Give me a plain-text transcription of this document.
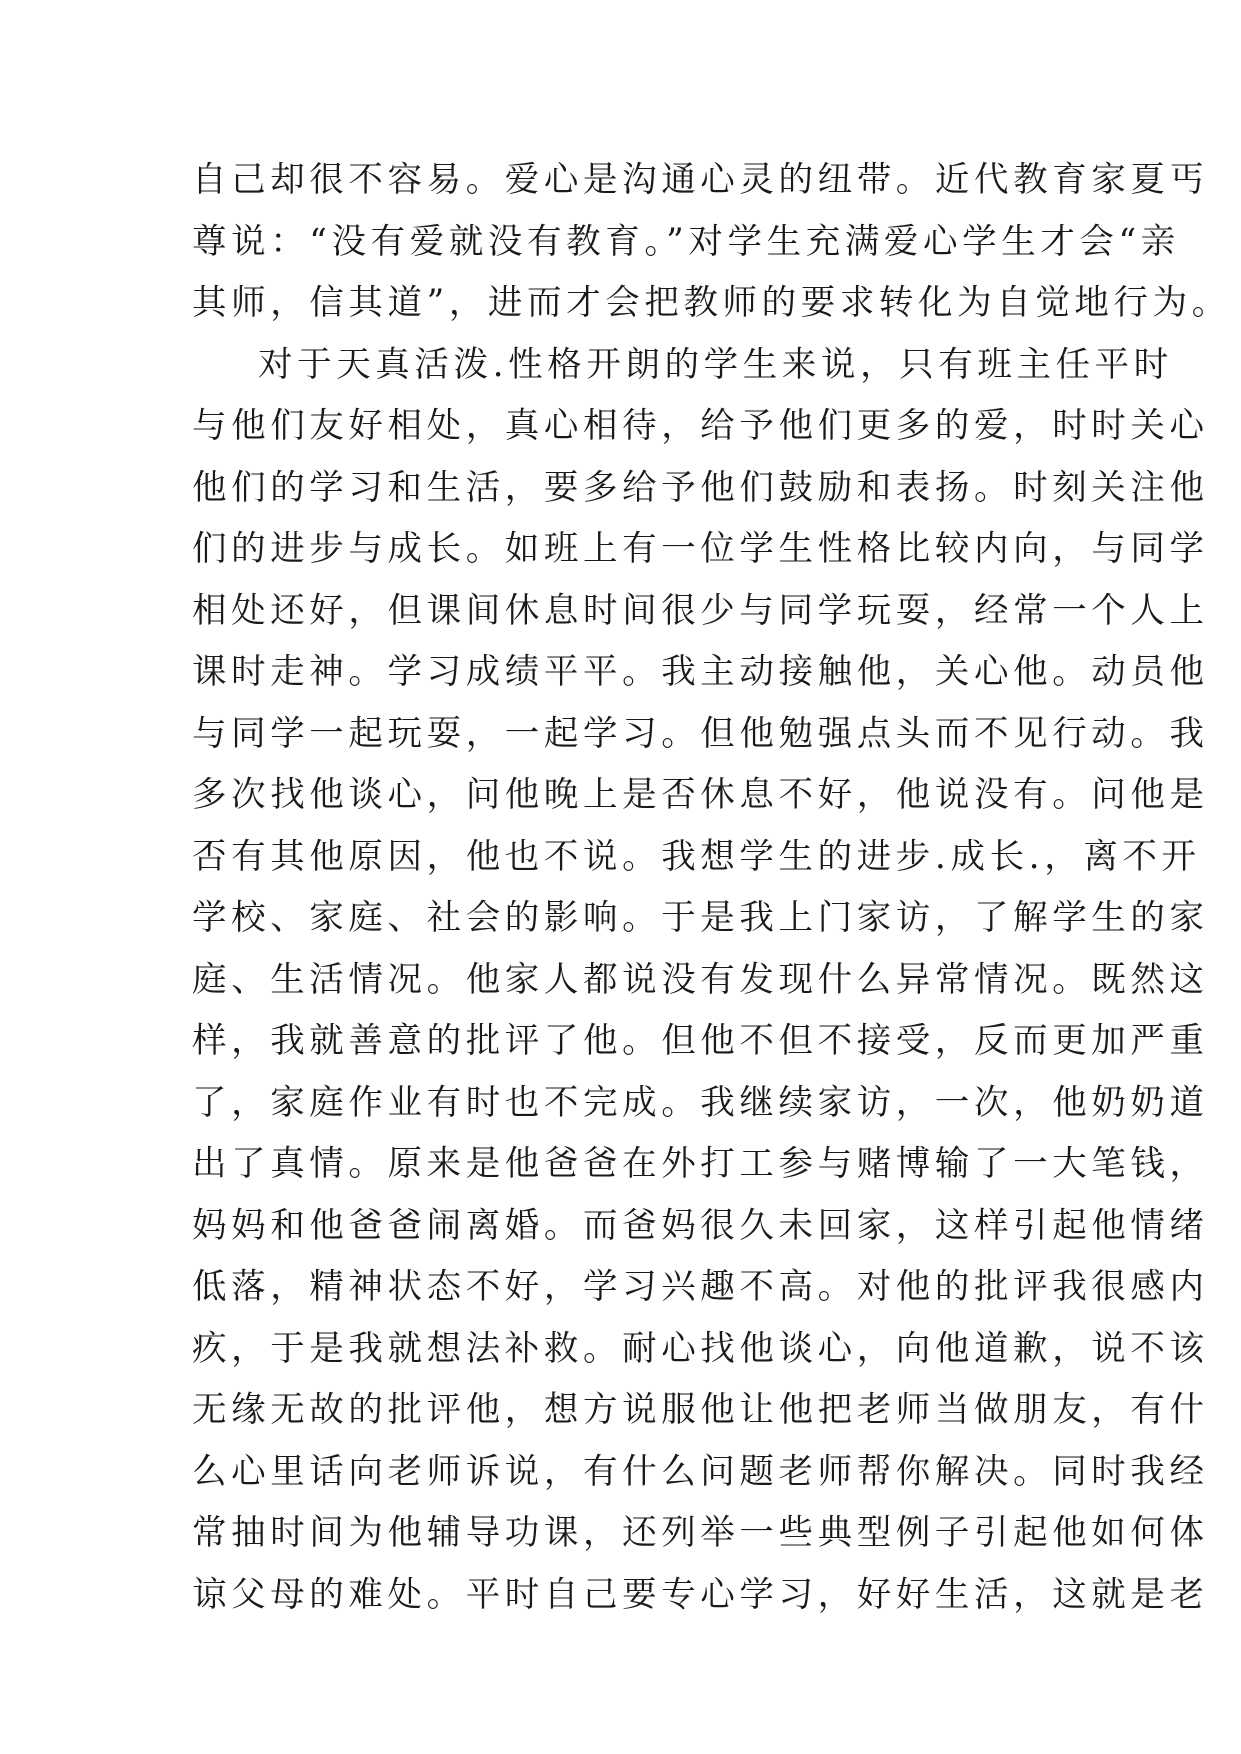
自己却很不容易。爱心是沟通心灵的纽带。近代教育家夏丐
尊说：“没有爱就没有教育。”对学生充满爱心学生才会“亲
其师，信其道”，进而才会把教师的要求转化为自觉地行为。
对于天真活泼.性格开朗的学生来说，只有班主任平时
与他们友好相处，真心相待，给予他们更多的爱，时时关心
他们的学习和生活，要多给予他们鼓励和表扬。时刻关注他
们的进步与成长。如班上有一位学生性格比较内向，与同学
相处还好，但课间休息时间很少与同学玩耍，经常一个人上
课时走神。学习成绩平平。我主动接触他，关心他。动员他
与同学一起玩耍，一起学习。但他勉强点头而不见行动。我
多次找他谈心，问他晚上是否休息不好，他说没有。问他是
否有其他原因，他也不说。我想学生的进步.成长.，离不开
学校、家庭、社会的影响。于是我上门家访，了解学生的家
庭、生活情况。他家人都说没有发现什么异常情况。既然这
样，我就善意的批评了他。但他不但不接受，反而更加严重
了，家庭作业有时也不完成。我继续家访，一次，他奶奶道
出了真情。原来是他爸爸在外打工参与赌博输了一大笔钱，
妈妈和他爸爸闹离婚。而爸妈很久未回家，这样引起他情绪
低落，精神状态不好，学习兴趣不高。对他的批评我很感内
疚，于是我就想法补救。耐心找他谈心，向他道歉，说不该
无缘无故的批评他，想方说服他让他把老师当做朋友，有什
么心里话向老师诉说，有什么问题老师帮你解决。同时我经
常抽时间为他辅导功课，还列举一些典型例子引起他如何体
谅父母的难处。平时自己要专心学习，好好生活，这就是老
